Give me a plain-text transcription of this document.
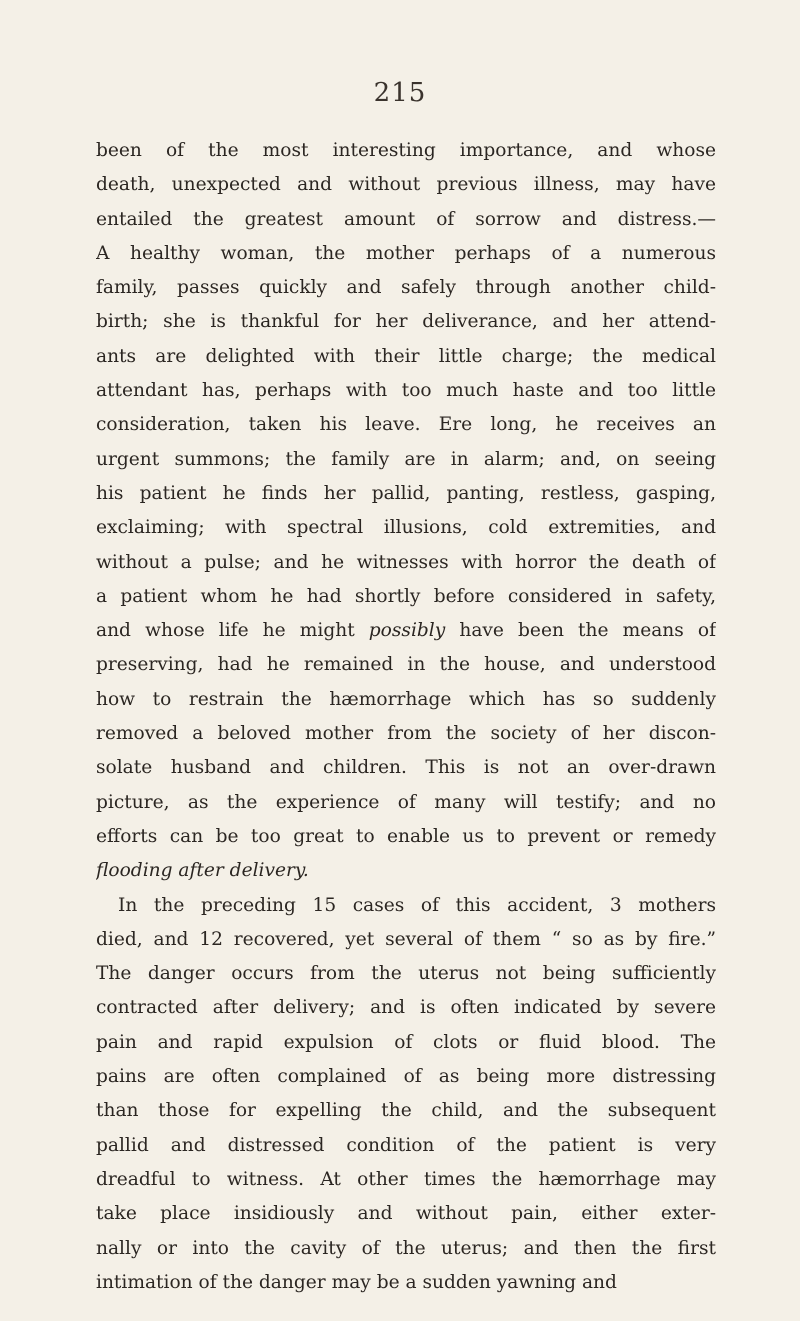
215
been of the most interesting importance, and whose
death, unexpected and without previous illness, may have
entailed the greatest amount of sorrow and distress.—
A healthy woman, the mother perhaps of a numerous
family, passes quickly and safely through another child-
birth; she is thankful for her deliverance, and her attend-
ants are delighted with their little charge; the medical
attendant has, perhaps with too much haste and too little
consideration, taken his leave. Ere long, he receives an
urgent summons; the family are in alarm; and, on seeing
his patient he finds her pallid, panting, restless, gasping,
exclaiming; with spectral illusions, cold extremities, and
without a pulse; and he witnesses with horror the death of
a patient whom he had shortly before considered in safety,
and whose life he might possibly have been the means of
preserving, had he remained in the house, and understood
how to restrain the hæmorrhage which has so suddenly
removed a beloved mother from the society of her discon-
solate husband and children. This is not an over-drawn
picture, as the experience of many will testify; and no
efforts can be too great to enable us to prevent or remedy
flooding after delivery.
In the preceding 15 cases of this accident, 3 mothers
died, and 12 recovered, yet several of them “ so as by fire.”
The danger occurs from the uterus not being sufficiently
contracted after delivery; and is often indicated by severe
pain and rapid expulsion of clots or fluid blood. The
pains are often complained of as being more distressing
than those for expelling the child, and the subsequent
pallid and distressed condition of the patient is very
dreadful to witness. At other times the hæmorrhage may
take place insidiously and without pain, either exter-
nally or into the cavity of the uterus; and then the first
intimation of the danger may be a sudden yawning and
